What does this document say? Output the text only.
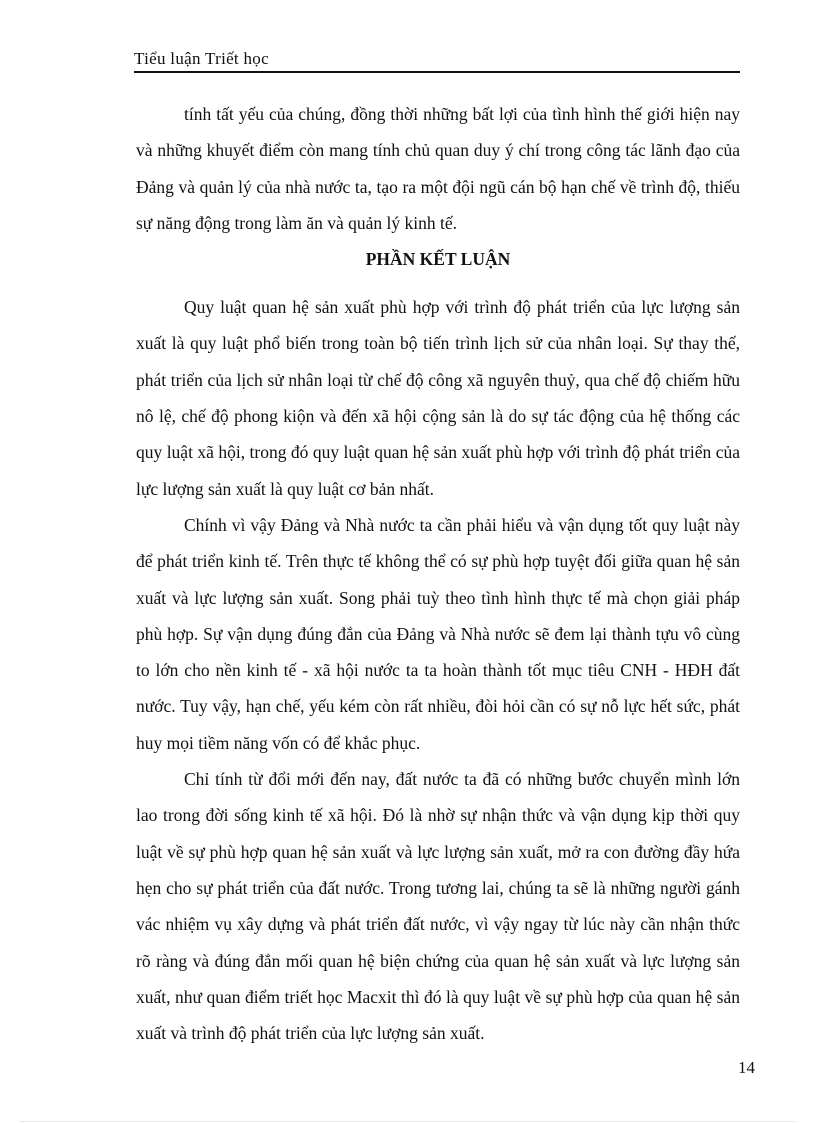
Tiểu luận Triết học

tính tất yếu của chúng, đồng thời những bất lợi của tình hình thế giới hiện nay và những khuyết điểm còn mang tính chủ quan duy ý chí trong công tác lãnh đạo của Đảng và quản lý của nhà nước ta, tạo ra một đội ngũ cán bộ hạn chế về trình độ, thiếu sự năng động trong làm ăn và quản lý kinh tế.

PHẦN KẾT LUẬN

Quy luật quan hệ sản xuất phù hợp với trình độ phát triển của lực lượng sản xuất là quy luật phổ biến trong toàn bộ tiến trình lịch sử của nhân loại. Sự thay thế, phát triển của lịch sử nhân loại từ chế độ công xã nguyên thuỷ, qua chế độ chiếm hữu nô lệ, chế độ phong kiộn và đến xã hội cộng sản là do sự tác động của hệ thống các quy luật xã hội, trong đó quy luật quan hệ sản xuất phù hợp với trình độ phát triển của lực lượng sản xuất là quy luật cơ bản nhất.

Chính vì vậy Đảng và Nhà nước ta cần phải hiểu và vận dụng tốt quy luật này để phát triển kinh tế. Trên thực tế không thể có sự phù hợp tuyệt đối giữa quan hệ sản xuất và lực lượng sản xuất. Song phải tuỳ theo tình hình thực tế mà chọn giải pháp phù hợp. Sự vận dụng đúng đắn của Đảng và Nhà nước sẽ đem lại thành tựu vô cùng to lớn cho nền kinh tế - xã hội nước ta ta hoàn thành tốt mục tiêu CNH - HĐH đất nước. Tuy vậy, hạn chế, yếu kém còn rất nhiều, đòi hỏi cần có sự nỗ lực hết sức, phát huy mọi tiềm năng vốn có để khắc phục.

Chỉ tính từ đổi mới đến nay, đất nước ta đã có những bước chuyển mình lớn lao trong đời sống kinh tế xã hội. Đó là nhờ sự nhận thức và vận dụng kịp thời quy luật về sự phù hợp quan hệ sản xuất và lực lượng sản xuất, mở ra con đường đầy hứa hẹn cho sự phát triển của đất nước. Trong tương lai, chúng ta sẽ là những người gánh vác nhiệm vụ xây dựng và phát triển đất nước, vì vậy ngay từ lúc này cần nhận thức rõ ràng và đúng đắn mối quan hệ biện chứng của quan hệ sản xuất và lực lượng sản xuất, như quan điểm triết học Macxit thì đó là quy luật về sự phù hợp của quan hệ sản xuất và trình độ phát triển của lực lượng sản xuất.

14
